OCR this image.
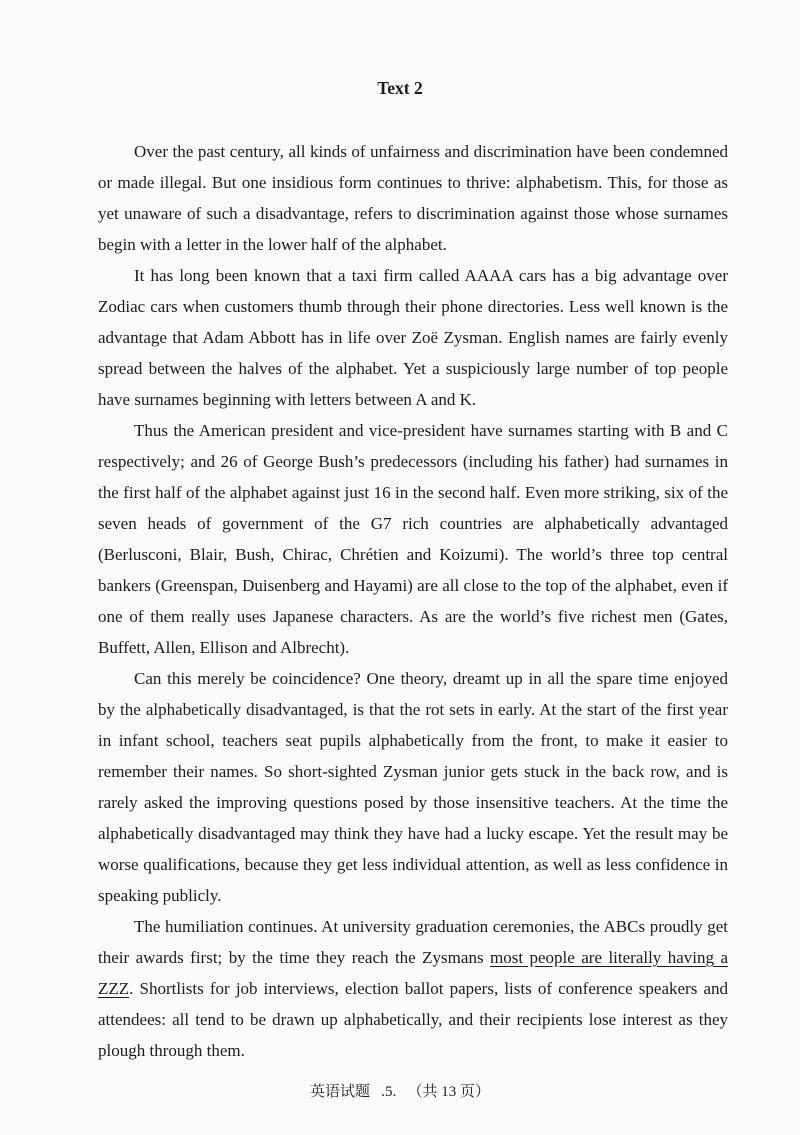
Text 2

Over the past century, all kinds of unfairness and discrimination have been condemned or made illegal. But one insidious form continues to thrive: alphabetism. This, for those as yet unaware of such a disadvantage, refers to discrimination against those whose surnames begin with a letter in the lower half of the alphabet.

It has long been known that a taxi firm called AAAA cars has a big advantage over Zodiac cars when customers thumb through their phone directories. Less well known is the advantage that Adam Abbott has in life over Zoë Zysman. English names are fairly evenly spread between the halves of the alphabet. Yet a suspiciously large number of top people have surnames beginning with letters between A and K.

Thus the American president and vice-president have surnames starting with B and C respectively; and 26 of George Bush’s predecessors (including his father) had surnames in the first half of the alphabet against just 16 in the second half. Even more striking, six of the seven heads of government of the G7 rich countries are alphabetically advantaged (Berlusconi, Blair, Bush, Chirac, Chrétien and Koizumi). The world’s three top central bankers (Greenspan, Duisenberg and Hayami) are all close to the top of the alphabet, even if one of them really uses Japanese characters. As are the world’s five richest men (Gates, Buffett, Allen, Ellison and Albrecht).

Can this merely be coincidence? One theory, dreamt up in all the spare time enjoyed by the alphabetically disadvantaged, is that the rot sets in early. At the start of the first year in infant school, teachers seat pupils alphabetically from the front, to make it easier to remember their names. So short-sighted Zysman junior gets stuck in the back row, and is rarely asked the improving questions posed by those insensitive teachers. At the time the alphabetically disadvantaged may think they have had a lucky escape. Yet the result may be worse qualifications, because they get less individual attention, as well as less confidence in speaking publicly.

The humiliation continues. At university graduation ceremonies, the ABCs proudly get their awards first; by the time they reach the Zysmans most people are literally having a ZZZ. Shortlists for job interviews, election ballot papers, lists of conference speakers and attendees: all tend to be drawn up alphabetically, and their recipients lose interest as they plough through them.

英语试题 .5. （共 13 页）
